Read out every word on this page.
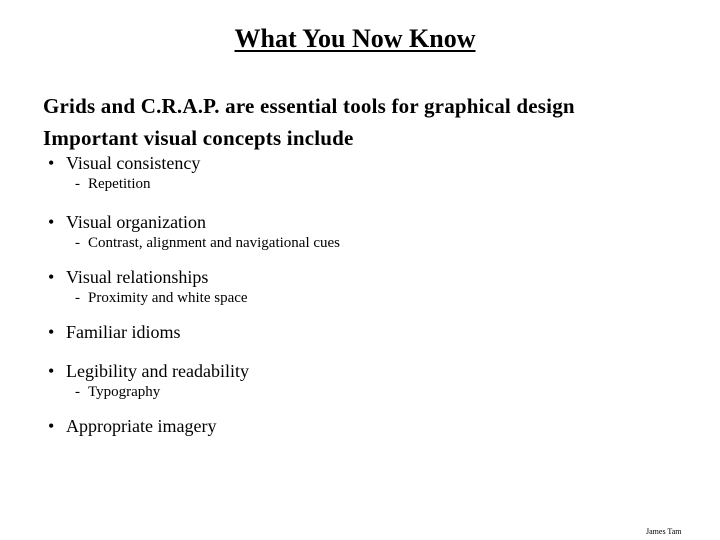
What You Now Know
Grids and C.R.A.P. are essential tools for graphical design
Important visual concepts include
• Visual consistency
- Repetition
• Visual organization
- Contrast, alignment and navigational cues
• Visual relationships
- Proximity and white space
• Familiar idioms
• Legibility and readability
- Typography
• Appropriate imagery
James Tam
